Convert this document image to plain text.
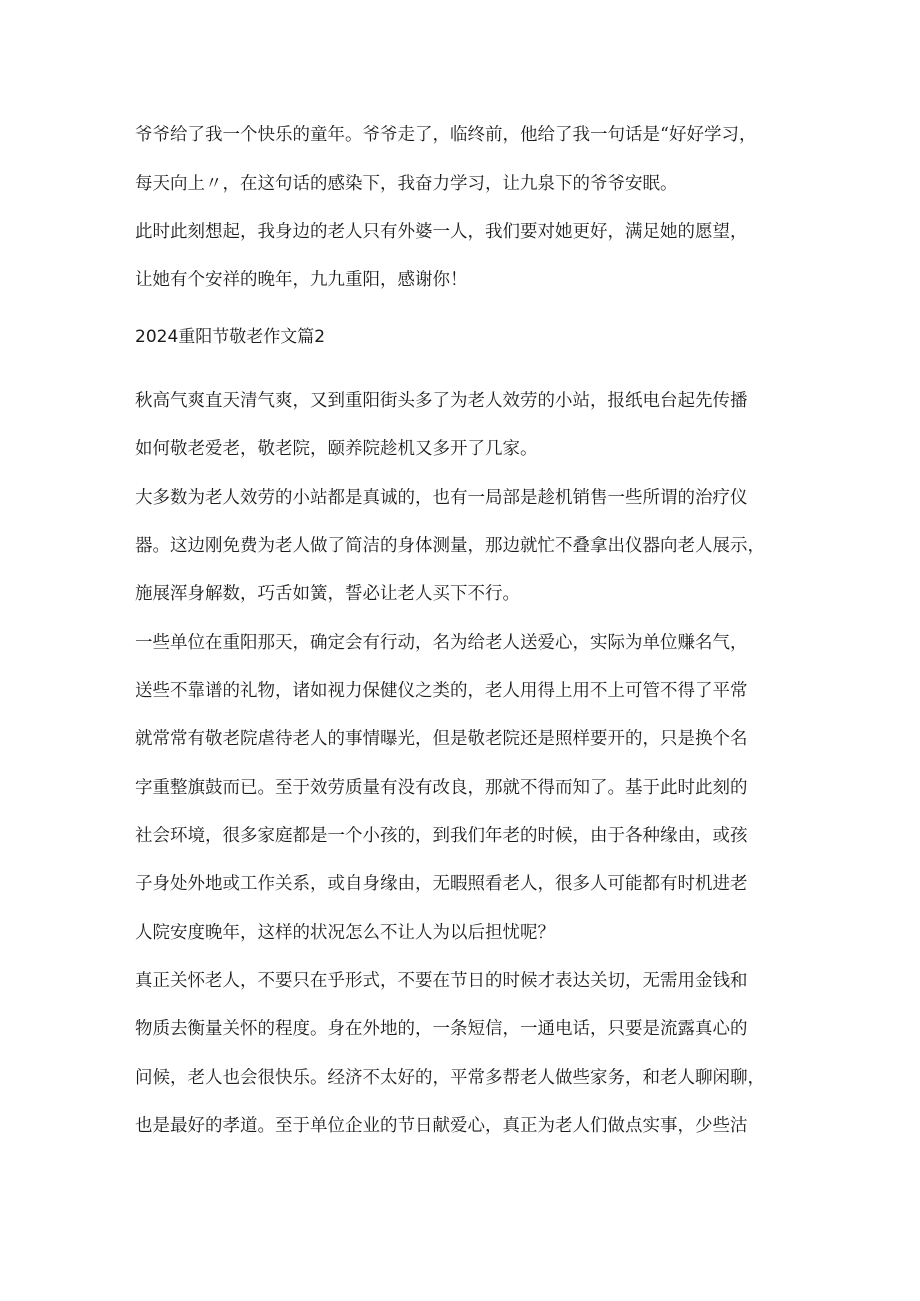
爷爷给了我一个快乐的童年。爷爷走了，临终前，他给了我一句话是“好好学习，

每天向上〃，在这句话的感染下，我奋力学习，让九泉下的爷爷安眠。

此时此刻想起，我身边的老人只有外婆一人，我们要对她更好，满足她的愿望，

让她有个安祥的晚年，九九重阳，感谢你！

2024重阳节敬老作文篇2

秋高气爽直天清气爽，又到重阳街头多了为老人效劳的小站，报纸电台起先传播

如何敬老爱老，敬老院，颐养院趁机又多开了几家。

大多数为老人效劳的小站都是真诚的，也有一局部是趁机销售一些所谓的治疗仪

器。这边刚免费为老人做了简洁的身体测量，那边就忙不叠拿出仪器向老人展示，

施展浑身解数，巧舌如簧，誓必让老人买下不行。

一些单位在重阳那天，确定会有行动，名为给老人送爱心，实际为单位赚名气，

送些不靠谱的礼物，诸如视力保健仪之类的，老人用得上用不上可管不得了平常

就常常有敬老院虐待老人的事情曝光，但是敬老院还是照样要开的，只是换个名

字重整旗鼓而已。至于效劳质量有没有改良，那就不得而知了。基于此时此刻的

社会环境，很多家庭都是一个小孩的，到我们年老的时候，由于各种缘由，或孩

子身处外地或工作关系，或自身缘由，无暇照看老人，很多人可能都有时机进老

人院安度晚年，这样的状况怎么不让人为以后担忧呢？

真正关怀老人，不要只在乎形式，不要在节日的时候才表达关切，无需用金钱和

物质去衡量关怀的程度。身在外地的，一条短信，一通电话，只要是流露真心的

问候，老人也会很快乐。经济不太好的，平常多帮老人做些家务，和老人聊闲聊，

也是最好的孝道。至于单位企业的节日献爱心，真正为老人们做点实事，少些沽
